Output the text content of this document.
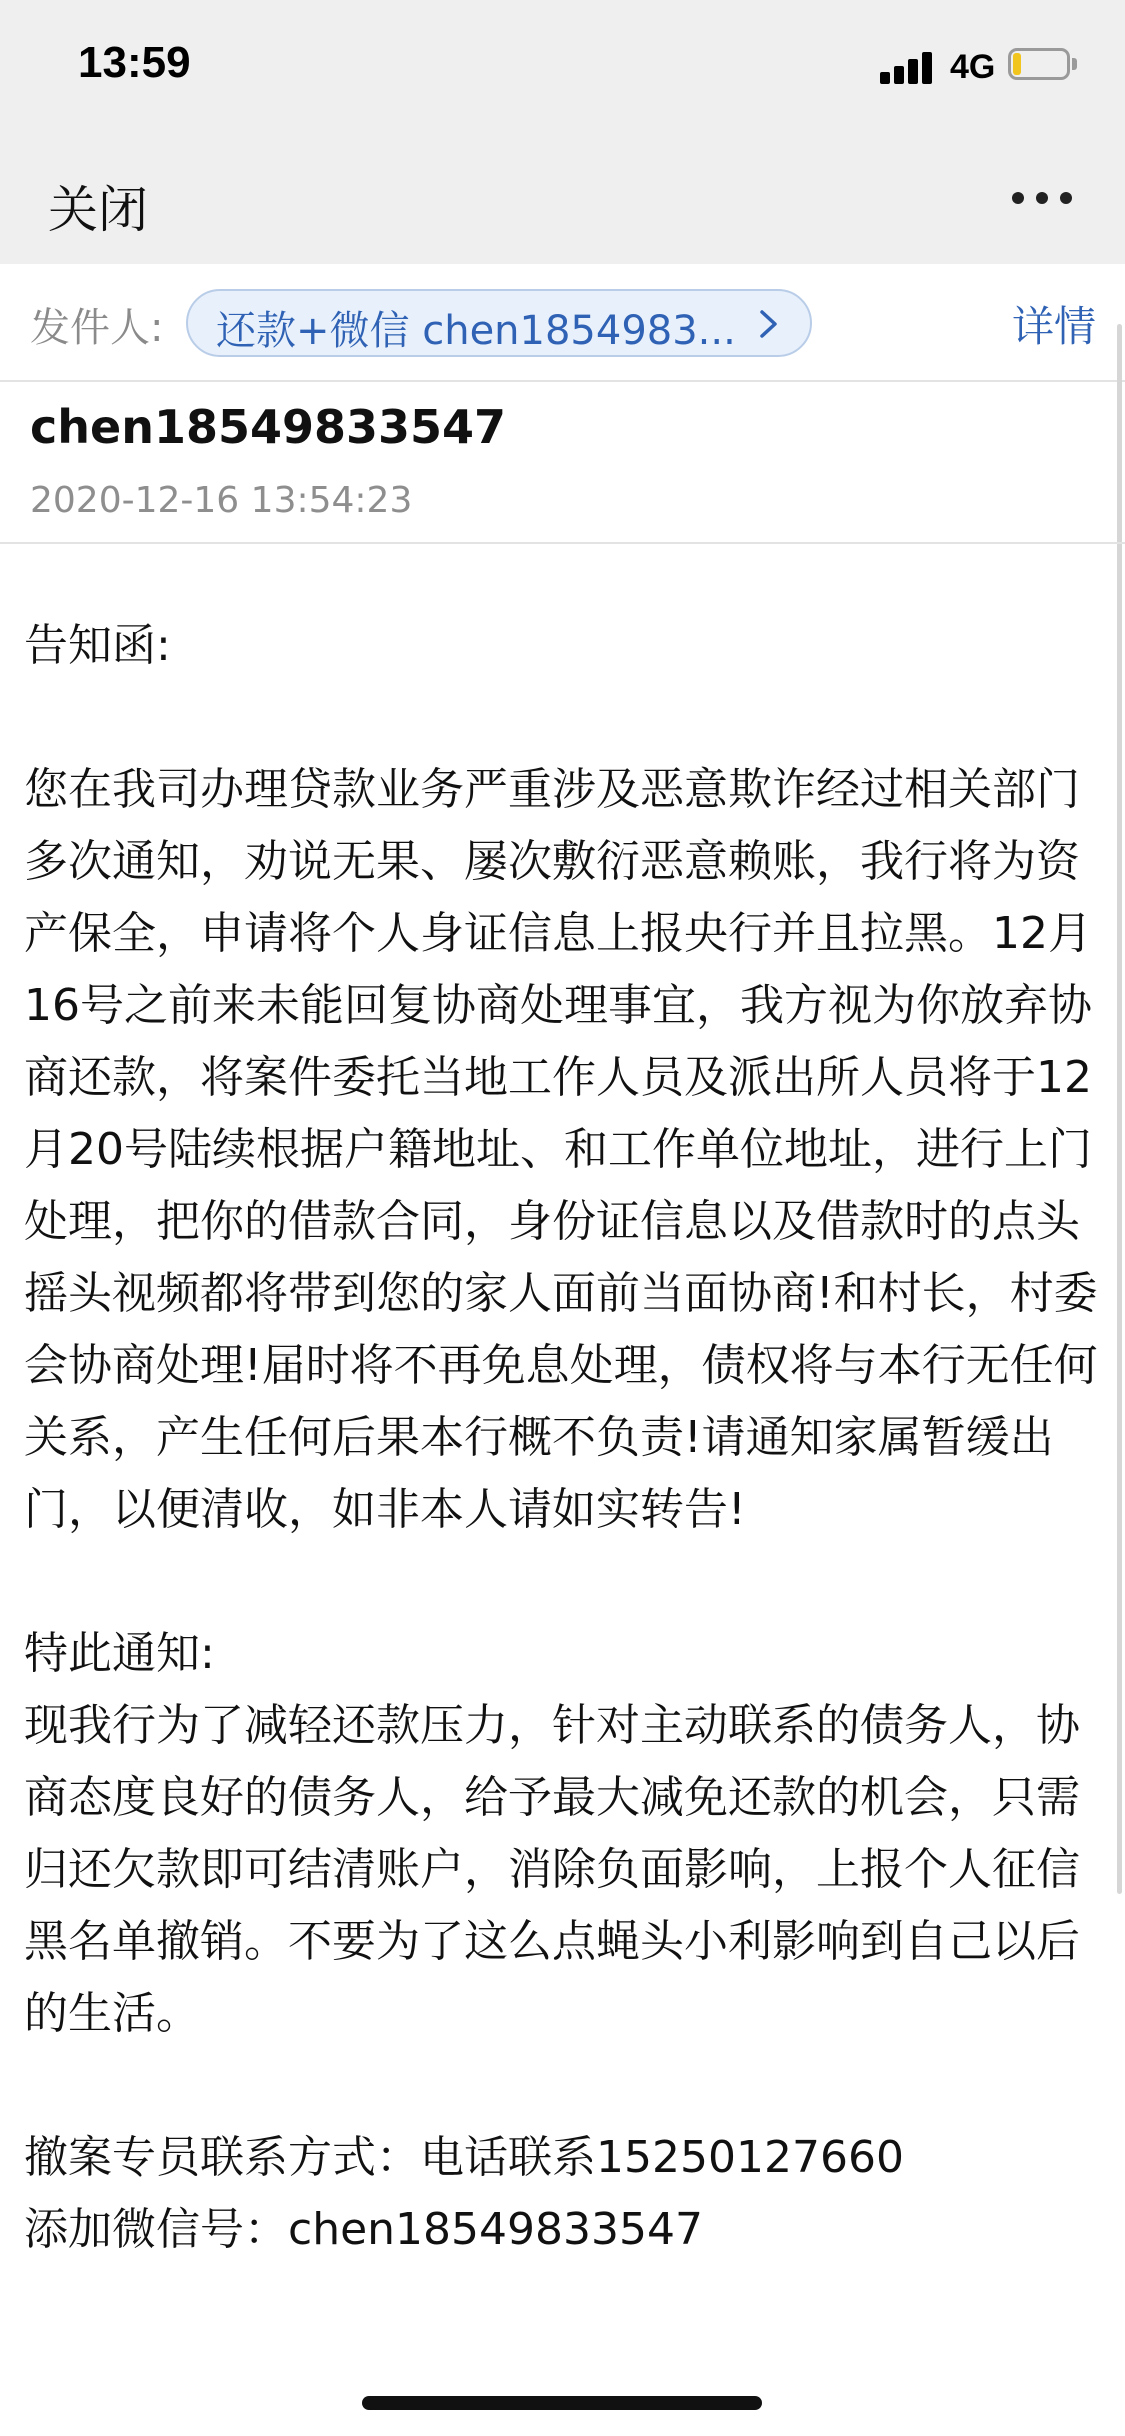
13:59	4G
关闭
发件人: 还款+微信 chen1854983...	详情
chen18549833547
2020-12-16 13:54:23

告知函:

您在我司办理贷款业务严重涉及恶意欺诈经过相关部门多次通知，劝说无果、屡次敷衍恶意赖账，我行将为资产保全，申请将个人身证信息上报央行并且拉黑。12月16号之前来未能回复协商处理事宜，我方视为你放弃协商还款，将案件委托当地工作人员及派出所人员将于12月20号陆续根据户籍地址、和工作单位地址，进行上门处理，把你的借款合同，身份证信息以及借款时的点头摇头视频都将带到您的家人面前当面协商!和村长，村委会协商处理!届时将不再免息处理，债权将与本行无任何关系，产生任何后果本行概不负责!请通知家属暂缓出门，以便清收，如非本人请如实转告!

特此通知:

现我行为了减轻还款压力，针对主动联系的债务人，协商态度良好的债务人，给予最大减免还款的机会，只需归还欠款即可结清账户，消除负面影响，上报个人征信黑名单撤销。不要为了这么点蝇头小利影响到自己以后的生活。

撤案专员联系方式：电话联系15250127660

添加微信号：chen18549833547
